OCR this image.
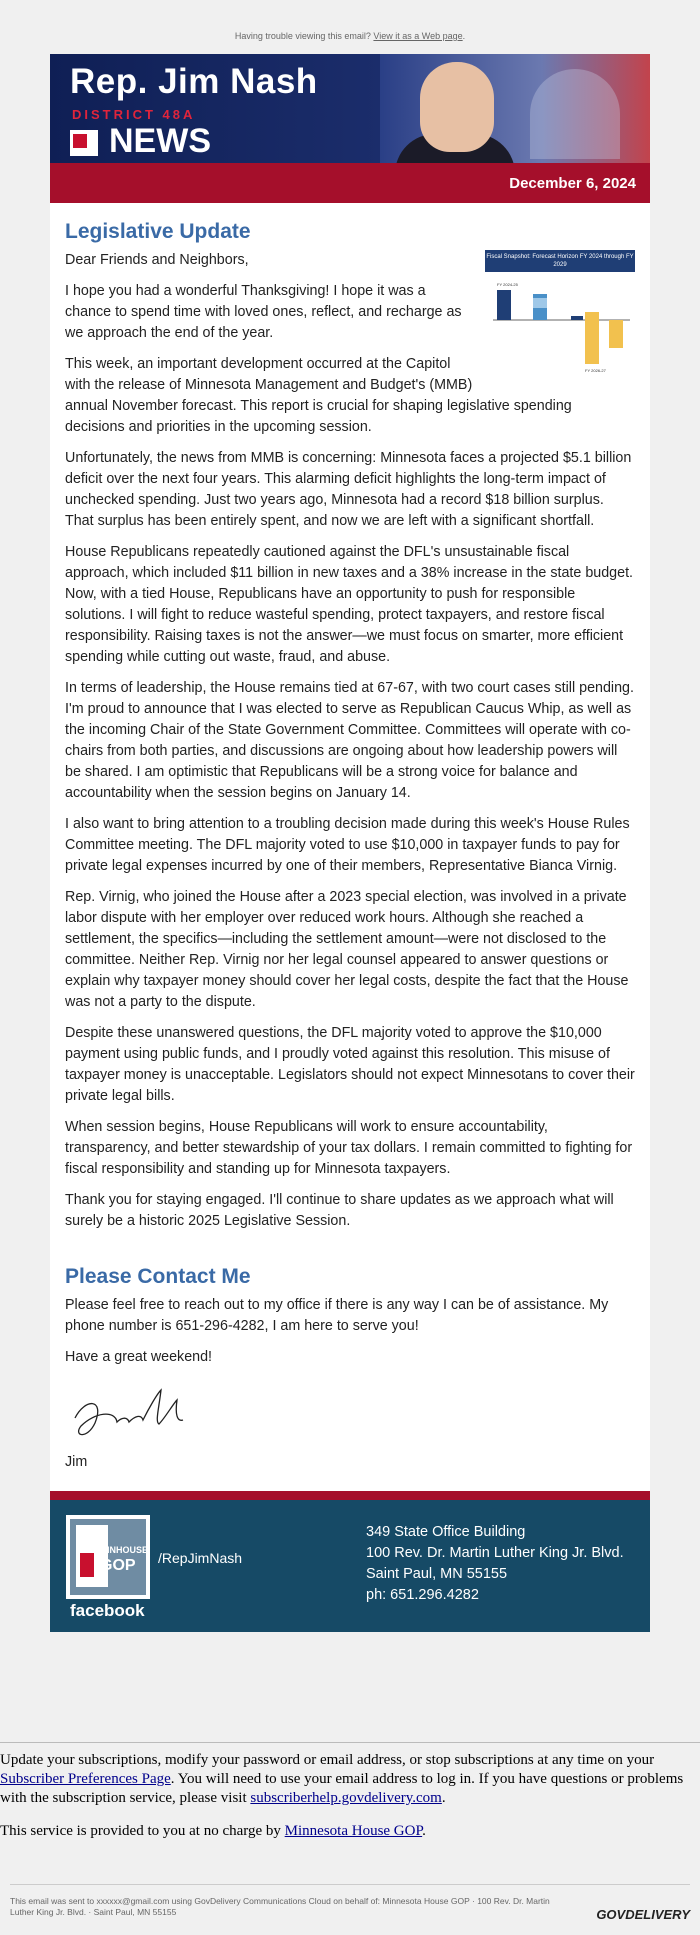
Having trouble viewing this email? View it as a Web page.
Rep. Jim Nash
DISTRICT 48A
NEWS
December 6, 2024
Legislative Update
Fiscal Snapshot: Forecast Horizon FY 2024 through FY 2029
FY 2024-25
FY 2026-27

Dear Friends and Neighbors,

I hope you had a wonderful Thanksgiving! I hope it was a chance to spend time with loved ones, reflect, and recharge as we approach the end of the year.

This week, an important development occurred at the Capitol with the release of Minnesota Management and Budget's (MMB) annual November forecast. This report is crucial for shaping legislative spending decisions and priorities in the upcoming session.

Unfortunately, the news from MMB is concerning: Minnesota faces a projected $5.1 billion deficit over the next four years. This alarming deficit highlights the long-term impact of unchecked spending. Just two years ago, Minnesota had a record $18 billion surplus. That surplus has been entirely spent, and now we are left with a significant shortfall.

House Republicans repeatedly cautioned against the DFL's unsustainable fiscal approach, which included $11 billion in new taxes and a 38% increase in the state budget. Now, with a tied House, Republicans have an opportunity to push for responsible solutions. I will fight to reduce wasteful spending, protect taxpayers, and restore fiscal responsibility. Raising taxes is not the answer—we must focus on smarter, more efficient spending while cutting out waste, fraud, and abuse.

In terms of leadership, the House remains tied at 67-67, with two court cases still pending. I'm proud to announce that I was elected to serve as Republican Caucus Whip, as well as the incoming Chair of the State Government Committee. Committees will operate with co-chairs from both parties, and discussions are ongoing about how leadership powers will be shared. I am optimistic that Republicans will be a strong voice for balance and accountability when the session begins on January 14.

I also want to bring attention to a troubling decision made during this week's House Rules Committee meeting. The DFL majority voted to use $10,000 in taxpayer funds to pay for private legal expenses incurred by one of their members, Representative Bianca Virnig.

Rep. Virnig, who joined the House after a 2023 special election, was involved in a private labor dispute with her employer over reduced work hours. Although she reached a settlement, the specifics—including the settlement amount—were not disclosed to the committee. Neither Rep. Virnig nor her legal counsel appeared to answer questions or explain why taxpayer money should cover her legal costs, despite the fact that the House was not a party to the dispute.

Despite these unanswered questions, the DFL majority voted to approve the $10,000 payment using public funds, and I proudly voted against this resolution. This misuse of taxpayer money is unacceptable. Legislators should not expect Minnesotans to cover their private legal bills.

When session begins, House Republicans will work to ensure accountability, transparency, and better stewardship of your tax dollars. I remain committed to fighting for fiscal responsibility and standing up for Minnesota taxpayers.

Thank you for staying engaged. I'll continue to share updates as we approach what will surely be a historic 2025 Legislative Session.

Please Contact Me

Please feel free to reach out to my office if there is any way I can be of assistance. My phone number is 651-296-4282, I am here to serve you!

Have a great weekend!

Jim

MNHOUSE
GOP
facebook
/RepJimNash
349 State Office Building
100 Rev. Dr. Martin Luther King Jr. Blvd.
Saint Paul, MN 55155
ph: 651.296.4282

Update your subscriptions, modify your password or email address, or stop subscriptions at any time on your Subscriber Preferences Page. You will need to use your email address to log in. If you have questions or problems with the subscription service, please visit subscriberhelp.govdelivery.com.

This service is provided to you at no charge by Minnesota House GOP.

This email was sent to xxxxxx@gmail.com using GovDelivery Communications Cloud on behalf of: Minnesota House GOP · 100 Rev. Dr. Martin Luther King Jr. Blvd. · Saint Paul, MN 55155	GOVDELIVERY
